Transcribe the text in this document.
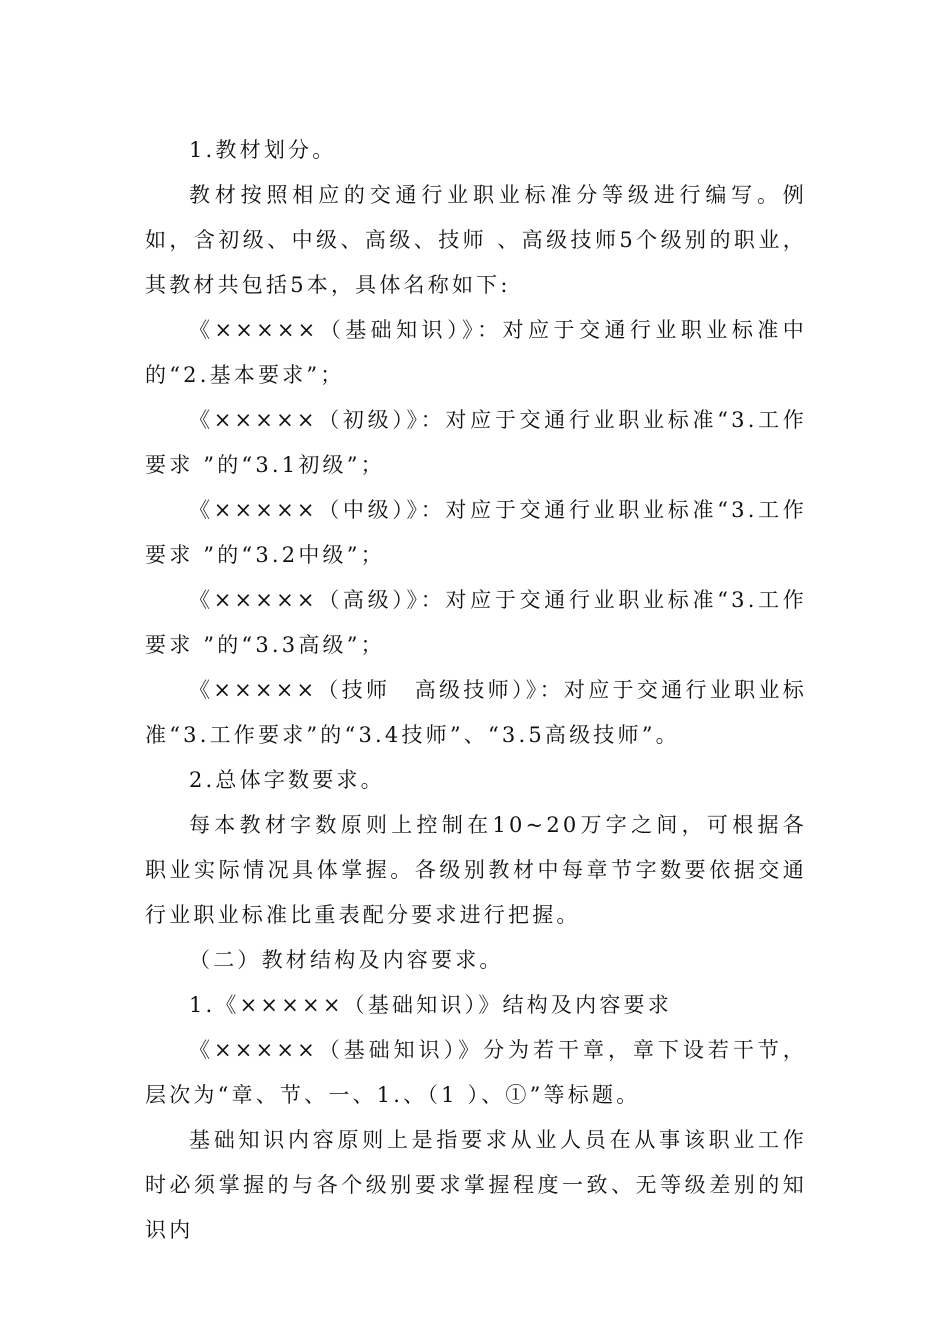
1.教材划分。

教材按照相应的交通行业职业标准分等级进行编写。例如，含初级、中级、高级、技师 、高级技师5个级别的职业，其教材共包括5本，具体名称如下:

《×××××（基础知识）》：对应于交通行业职业标准中的“2.基本要求”；

《×××××（初级）》：对应于交通行业职业标准“3.工作要求 ”的“3.1初级”；

《×××××（中级）》：对应于交通行业职业标准“3.工作要求 ”的“3.2中级”；

《×××××（高级）》：对应于交通行业职业标准“3.工作要求 ”的“3.3高级”；

《×××××（技师　高级技师）》：对应于交通行业职业标准“3.工作要求”的“3.4技师”、“3.5高级技师”。

2.总体字数要求。

每本教材字数原则上控制在10~20万字之间，可根据各职业实际情况具体掌握。各级别教材中每章节字数要依据交通行业职业标准比重表配分要求进行把握。

（二）教材结构及内容要求。

1.《×××××（基础知识）》结构及内容要求

《×××××（基础知识）》分为若干章，章下设若干节，层次为“章、节、一、1.、（1 ）、①”等标题。

基础知识内容原则上是指要求从业人员在从事该职业工作时必须掌握的与各个级别要求掌握程度一致、无等级差别的知识内
